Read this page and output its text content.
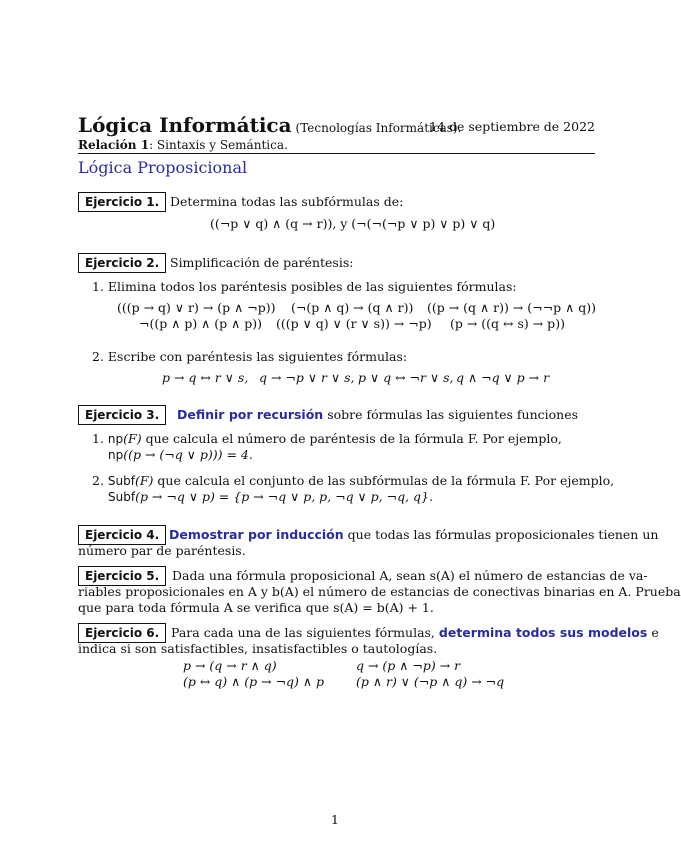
Lógica Informática (Tecnologías Informáticas).
14 de septiembre de 2022
Relación 1: Sintaxis y Semántica.
Lógica Proposicional
Ejercicio 1. Determina todas las subfórmulas de:
((¬p ∨ q) ∧ (q → r)), y (¬(¬(¬p ∨ p) ∨ p) ∨ q)
Ejercicio 2. Simplificación de paréntesis:
1. Elimina todos los paréntesis posibles de las siguientes fórmulas:
(((p → q) ∨ r) → (p ∧ ¬p)) (¬(p ∧ q) → (q ∧ r)) ((p → (q ∧ r)) → (¬¬p ∧ q))
¬((p ∧ p) ∧ (p ∧ p)) (((p ∨ q) ∨ (r ∨ s)) → ¬p) (p → ((q ↔ s) → p))
2. Escribe con paréntesis las siguientes fórmulas:
p → q ↔ r ∨ s, q → ¬p ∨ r ∨ s, p ∨ q ↔ ¬r ∨ s, q ∧ ¬q ∨ p → r
Ejercicio 3.	Definir por recursión sobre fórmulas las siguientes funciones
1. np(F) que calcula el número de paréntesis de la fórmula F. Por ejemplo,
np((p → (¬q ∨ p))) = 4.
2. Subf(F) que calcula el conjunto de las subfórmulas de la fórmula F. Por ejemplo,
Subf(p → ¬q ∨ p) = {p → ¬q ∨ p, p, ¬q ∨ p, ¬q, q}.
Ejercicio 4. Demostrar por inducción que todas las fórmulas proposicionales tienen un
número par de paréntesis.
Ejercicio 5.	Dada una fórmula proposicional A, sean s(A) el número de estancias de va-
riables proposicionales en A y b(A) el número de estancias de conectivas binarias en A. Prueba
que para toda fórmula A se verifica que s(A) = b(A) + 1.
Ejercicio 6. Para cada una de las siguientes fórmulas, determina todos sus modelos e
indica si son satisfactibles, insatisfactibles o tautologías.
p → (q → r ∧ q)	q → (p ∧ ¬p) → r
(p ↔ q) ∧ (p → ¬q) ∧ p	(p ∧ r) ∨ (¬p ∧ q) → ¬q
1
